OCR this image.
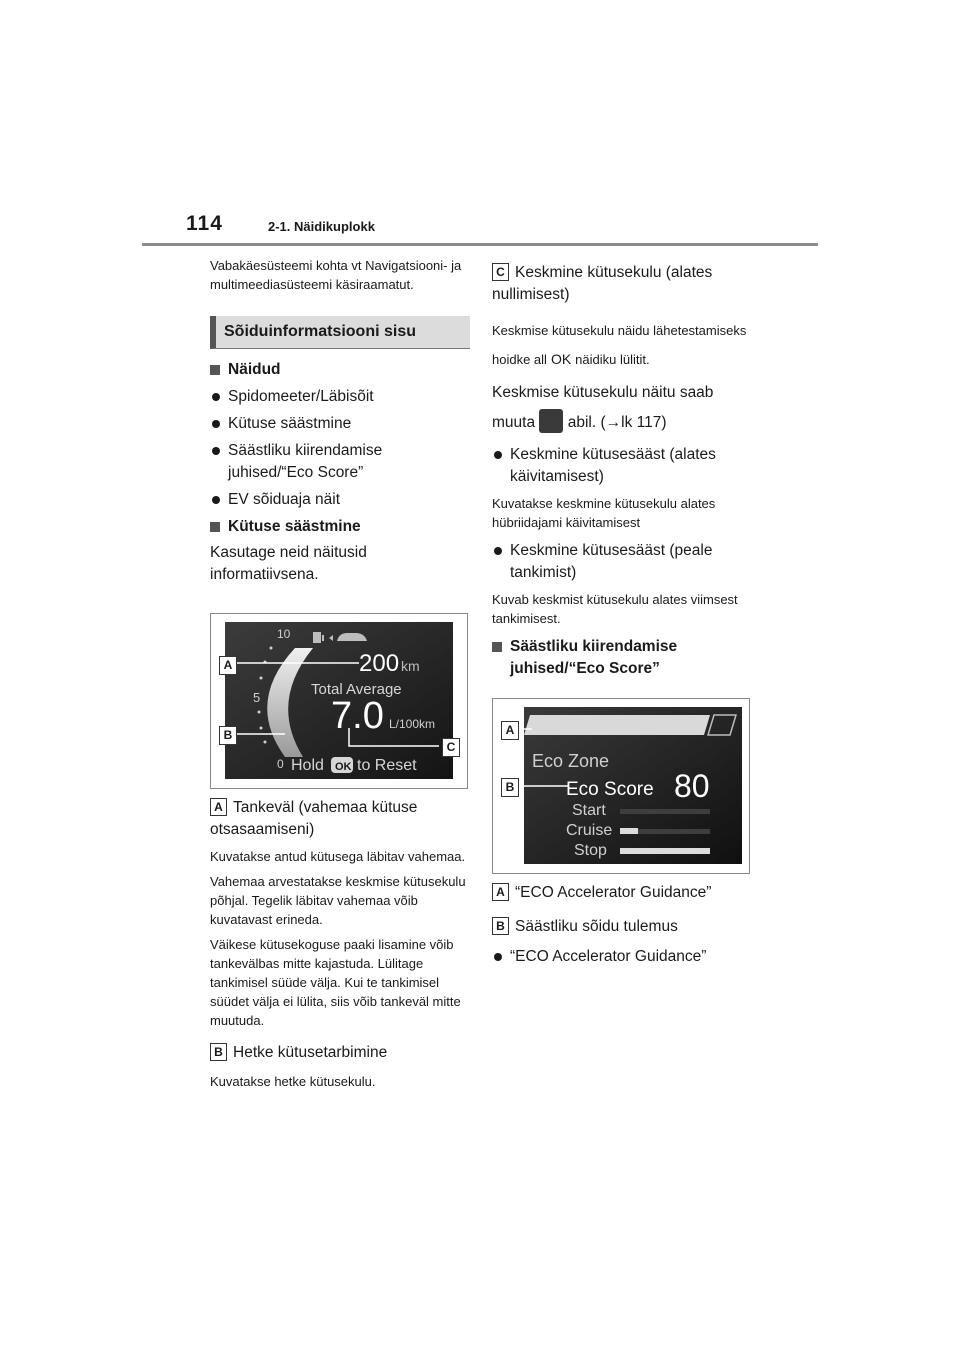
114	2-1. Näidikuplokk

Vabakäesüsteemi kohta vt Navigatsiooni- ja multimeediasüsteemi käsiraamatut.

Sõiduinformatsiooni sisu

Näidud

Spidomeeter/Läbisõit

Kütuse säästmine

Säästliku kiirendamise juhised/“Eco Score”

EV sõiduaja näit

Kütuse säästmine

Kasutage neid näitusid informatiivsena.

10
5
0
200 km
Total Average
7.0 L/100km
Hold OK to Reset
A
B
C

A Tankeväl (vahemaa kütuse otsasaamiseni)

Kuvatakse antud kütusega läbitav vahemaa.

Vahemaa arvestatakse keskmise kütusekulu põhjal. Tegelik läbitav vahemaa võib kuvatavast erineda.

Väikese kütusekoguse paaki lisamine võib tankevälbas mitte kajastuda. Lülitage tankimisel süüde välja. Kui te tankimisel süüdet välja ei lülita, siis võib tankeväl mitte muutuda.

B Hetke kütusetarbimine

Kuvatakse hetke kütusekulu.

C Keskmine kütusekulu (alates nullimisest)

Keskmise kütusekulu näidu lähetestamiseks hoidke all OK näidiku lülitit.

Keskmise kütusekulu näitu saab muuta abil. (→lk 117)

Keskmine kütusesääst (alates käivitamisest)

Kuvatakse keskmine kütusekulu alates hübriidajami käivitamisest

Keskmine kütusesääst (peale tankimist)

Kuvab keskmist kütusekulu alates viimsest tankimisest.

Säästliku kiirendamise juhised/“Eco Score”

Eco Zone
Eco Score 80
Start
Cruise
Stop
A
B

A “ECO Accelerator Guidance”

B Säästliku sõidu tulemus

“ECO Accelerator Guidance”
